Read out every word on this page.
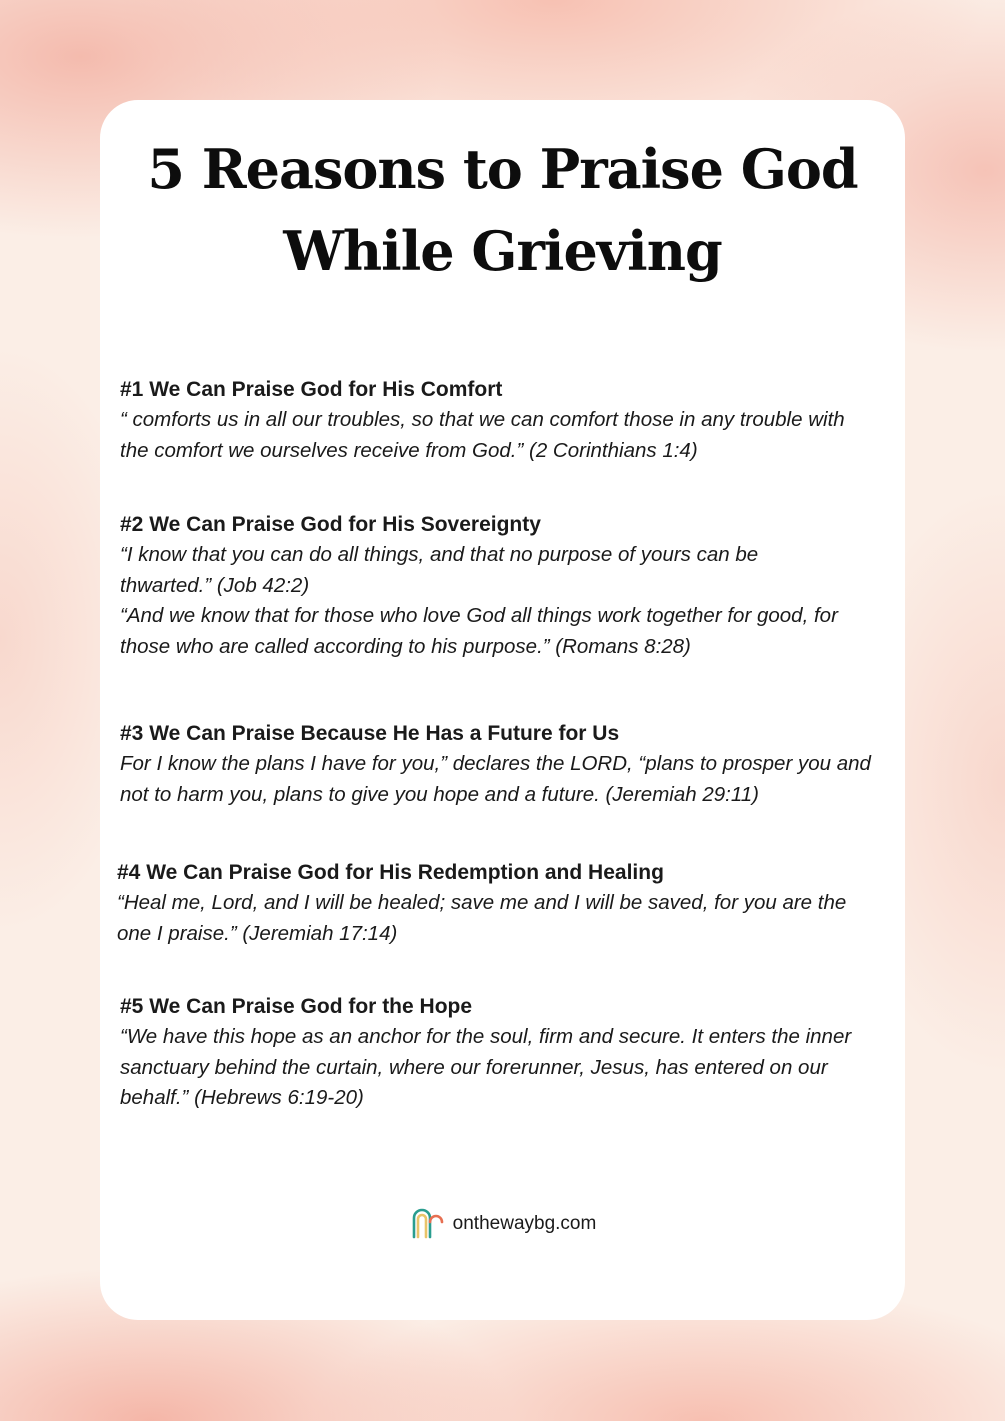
5 Reasons to Praise God
While Grieving

#1 We Can Praise God for His Comfort

“ comforts us in all our troubles, so that we can comfort those in any trouble with the comfort we ourselves receive from God.” (2 Corinthians 1:4)

#2 We Can Praise God for His Sovereignty

“I know that you can do all things, and that no purpose of yours can be thwarted.” (Job 42:2)

“And we know that for those who love God all things work together for good, for those who are called according to his purpose.” (Romans 8:28)

#3 We Can Praise Because He Has a Future for Us

For I know the plans I have for you,” declares the LORD, “plans to prosper you and not to harm you, plans to give you hope and a future. (Jeremiah 29:11)

#4 We Can Praise God for His Redemption and Healing

“Heal me, Lord, and I will be healed; save me and I will be saved, for you are the one I praise.” (Jeremiah 17:14)

#5 We Can Praise God for the Hope

“We have this hope as an anchor for the soul, firm and secure. It enters the inner sanctuary behind the curtain, where our forerunner, Jesus, has entered on our behalf.” (Hebrews 6:19-20)

onthewaybg.com
